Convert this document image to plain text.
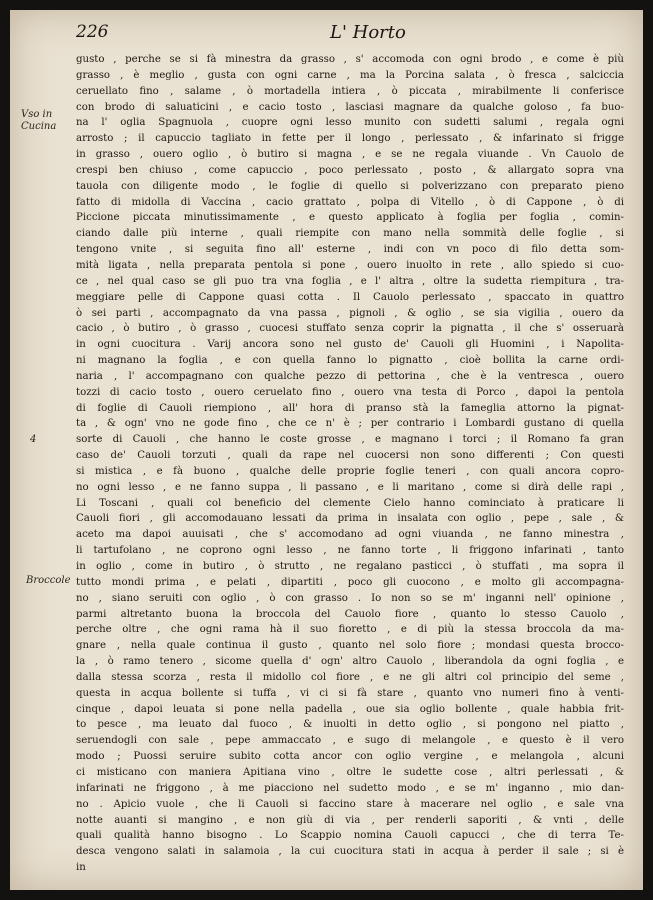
226	L' Horto
Vso in Cucina
4
Broccole
gusto , perche se si fà minestra da grasso , s' accomoda con ogni brodo , e come è più
grasso , è meglio , gusta con ogni carne , ma la Porcina salata , ò fresca , salciccia
ceruellato fino , salame , ò mortadella intiera , ò piccata , mirabilmente li conferisce
con brodo di saluaticini , e cacio tosto , lasciasi magnare da qualche goloso , fa buo-
na l' oglia Spagnuola , cuopre ogni lesso munito con sudetti salumi , regala ogni
arrosto ; il capuccio tagliato in fette per il longo , perlessato , & infarinato si frigge
in grasso , ouero oglio , ò butiro si magna , e se ne regala viuande . Vn Cauolo de
crespi ben chiuso , come capuccio , poco perlessato , posto , & allargato sopra vna
tauola con diligente modo , le foglie di quello si polverizzano con preparato pieno
fatto di midolla di Vaccina , cacio grattato , polpa di Vitello , ò di Cappone , ò di
Piccione piccata minutissimamente , e questo applicato à foglia per foglia , comin-
ciando dalle più interne , quali riempite con mano nella sommità delle foglie , si
tengono vnite , si seguita fino all' esterne , indi con vn poco di filo detta som-
mità ligata , nella preparata pentola si pone , ouero inuolto in rete , allo spiedo si cuo-
ce , nel qual caso se gli puo tra vna foglia , e l' altra , oltre la sudetta riempitura , tra-
meggiare pelle di Cappone quasi cotta . Il Cauolo perlessato , spaccato in quattro
ò sei parti , accompagnato da vna passa , pignoli , & oglio , se sia vigilia , ouero da
cacio , ò butiro , ò grasso , cuocesi stuffato senza coprir la pignatta , il che s' osseruarà
in ogni cuocitura . Varij ancora sono nel gusto de' Cauoli gli Huomini , i Napolita-
ni magnano la foglia , e con quella fanno lo pignatto , cioè bollita la carne ordi-
naria , l' accompagnano con qualche pezzo di pettorina , che è la ventresca , ouero
tozzi di cacio tosto , ouero ceruelato fino , ouero vna testa di Porco , dapoi la pentola
di foglie di Cauoli riempiono , all' hora di pranso stà la fameglia attorno la pignat-
ta , & ogn' vno ne gode fino , che ce n' è ; per contrario i Lombardi gustano di quella
sorte di Cauoli , che hanno le coste grosse , e magnano i torci ; il Romano fa gran
caso de' Cauoli torzuti , quali da rape nel cuocersi non sono differenti ; Con questi
si mistica , e fà buono , qualche delle proprie foglie teneri , con quali ancora copro-
no ogni lesso , e ne fanno suppa , li passano , e li maritano , come si dirà delle rapi ,
Li Toscani , quali col beneficio del clemente Cielo hanno cominciato à praticare li
Cauoli fiori , gli accomodauano lessati da prima in insalata con oglio , pepe , sale , &
aceto ma dapoi auuisati , che s' accomodano ad ogni viuanda , ne fanno minestra ,
li tartufolano , ne coprono ogni lesso , ne fanno torte , li friggono infarinati , tanto
in oglio , come in butiro , ò strutto , ne regalano pasticci , ò stuffati , ma sopra il
tutto mondi prima , e pelati , dipartiti , poco gli cuocono , e molto gli accompagna-
no , siano seruiti con oglio , ò con grasso . Io non so se m' inganni nell' opinione ,
parmi altretanto buona la broccola del Cauolo fiore , quanto lo stesso Cauolo ,
perche oltre , che ogni rama hà il suo fioretto , e di più la stessa broccola da ma-
gnare , nella quale continua il gusto , quanto nel solo fiore ; mondasi questa brocco-
la , ò ramo tenero , sicome quella d' ogn' altro Cauolo , liberandola da ogni foglia , e
dalla stessa scorza , resta il midollo col fiore , e ne gli altri col principio del seme ,
questa in acqua bollente si tuffa , vi ci si fà stare , quanto vno numeri fino à venti-
cinque , dapoi leuata si pone nella padella , oue sia oglio bollente , quale habbia frit-
to pesce , ma leuato dal fuoco , & inuolti in detto oglio , si pongono nel piatto ,
seruendogli con sale , pepe ammaccato , e sugo di melangole , e questo è il vero
modo ; Puossi seruire subito cotta ancor con oglio vergine , e melangola , alcuni
ci misticano con maniera Apitiana vino , oltre le sudette cose , altri perlessati , &
infarinati ne friggono , à me piacciono nel sudetto modo , e se m' inganno , mio dan-
no . Apicio vuole , che li Cauoli si faccino stare à macerare nel oglio , e sale vna
notte auanti si mangino , e non giù di via , per renderli saporiti , & vnti , delle
quali qualità hanno bisogno . Lo Scappio nomina Cauoli capucci , che di terra Te-
desca vengono salati in salamoia , la cui cuocitura stati in acqua à perder il sale ; si è
in
